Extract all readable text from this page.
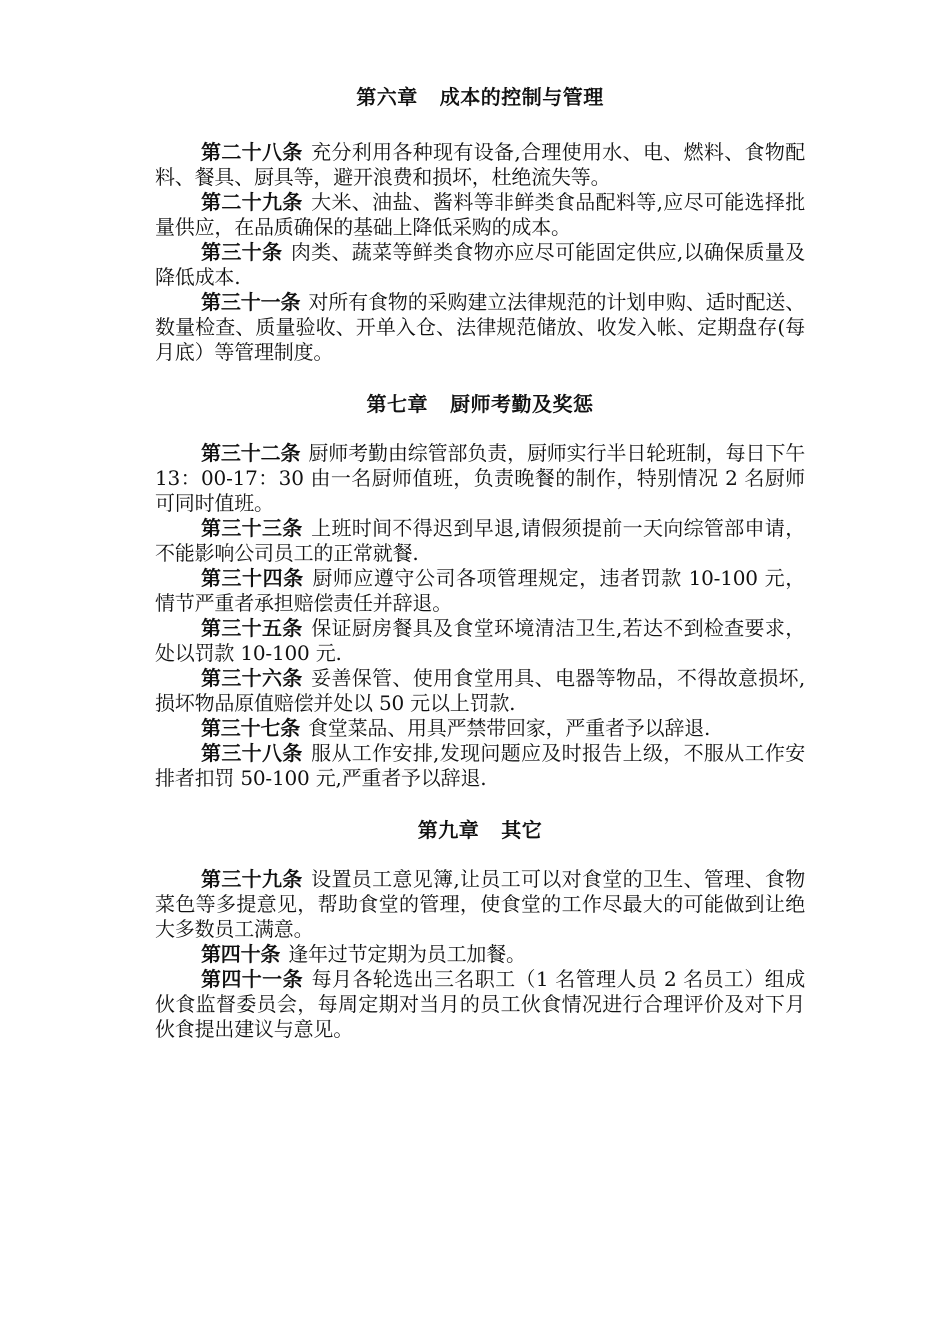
第六章 成本的控制与管理

第二十八条 充分利用各种现有设备,合理使用水、电、燃料、食物配料、餐具、厨具等，避开浪费和损坏，杜绝流失等。

第二十九条 大米、油盐、酱料等非鲜类食品配料等,应尽可能选择批量供应，在品质确保的基础上降低采购的成本。

第三十条 肉类、蔬菜等鲜类食物亦应尽可能固定供应,以确保质量及降低成本.

第三十一条 对所有食物的采购建立法律规范的计划申购、适时配送、数量检查、质量验收、开单入仓、法律规范储放、收发入帐、定期盘存(每月底）等管理制度。

第七章 厨师考勤及奖惩

第三十二条 厨师考勤由综管部负责，厨师实行半日轮班制，每日下午 13：00-17：30 由一名厨师值班，负责晚餐的制作，特别情况 2 名厨师可同时值班。

第三十三条 上班时间不得迟到早退,请假须提前一天向综管部申请，不能影响公司员工的正常就餐.

第三十四条 厨师应遵守公司各项管理规定，违者罚款 10-100 元，情节严重者承担赔偿责任并辞退。

第三十五条 保证厨房餐具及食堂环境清洁卫生,若达不到检查要求，处以罚款 10-100 元.

第三十六条 妥善保管、使用食堂用具、电器等物品，不得故意损坏,损坏物品原值赔偿并处以 50 元以上罚款.

第三十七条 食堂菜品、用具严禁带回家，严重者予以辞退.

第三十八条 服从工作安排,发现问题应及时报告上级，不服从工作安排者扣罚 50-100 元,严重者予以辞退.

第九章 其它

第三十九条 设置员工意见簿,让员工可以对食堂的卫生、管理、食物菜色等多提意见，帮助食堂的管理，使食堂的工作尽最大的可能做到让绝大多数员工满意。

第四十条 逢年过节定期为员工加餐。

第四十一条 每月各轮选出三名职工（1 名管理人员 2 名员工）组成伙食监督委员会，每周定期对当月的员工伙食情况进行合理评价及对下月伙食提出建议与意见。
